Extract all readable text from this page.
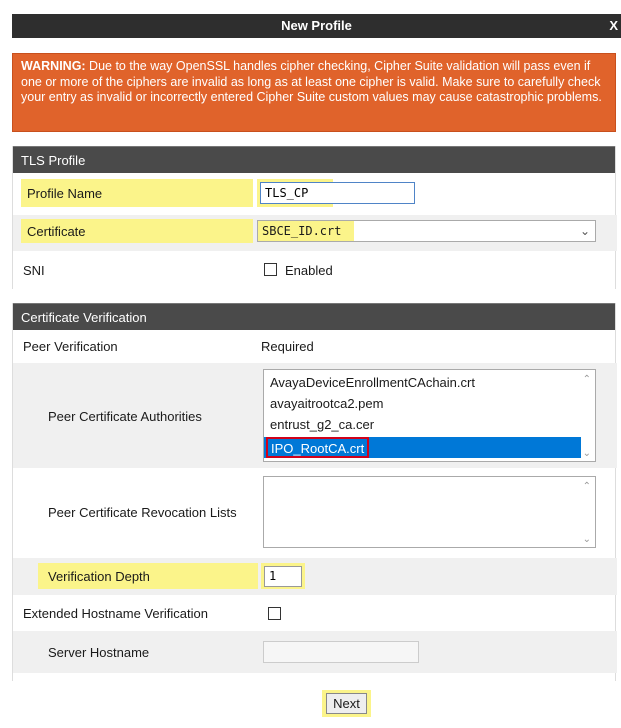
New Profile	X
WARNING: Due to the way OpenSSL handles cipher checking, Cipher Suite validation will pass even if one or more of the ciphers are invalid as long as at least one cipher is valid. Make sure to carefully check your entry as invalid or incorrectly entered Cipher Suite custom values may cause catastrophic problems.
TLS Profile
Profile Name	TLS_CP
Certificate	SBCE_ID.crt	⌄
SNI	Enabled
Certificate Verification
Peer Verification	Required
Peer Certificate Authorities
AvayaDeviceEnrollmentCAchain.crt
avayaitrootca2.pem
entrust_g2_ca.cer
IPO_RootCA.crt
⌃
⌄
Peer Certificate Revocation Lists
⌃
⌄
Verification Depth	1
Extended Hostname Verification
Server Hostname
Next
